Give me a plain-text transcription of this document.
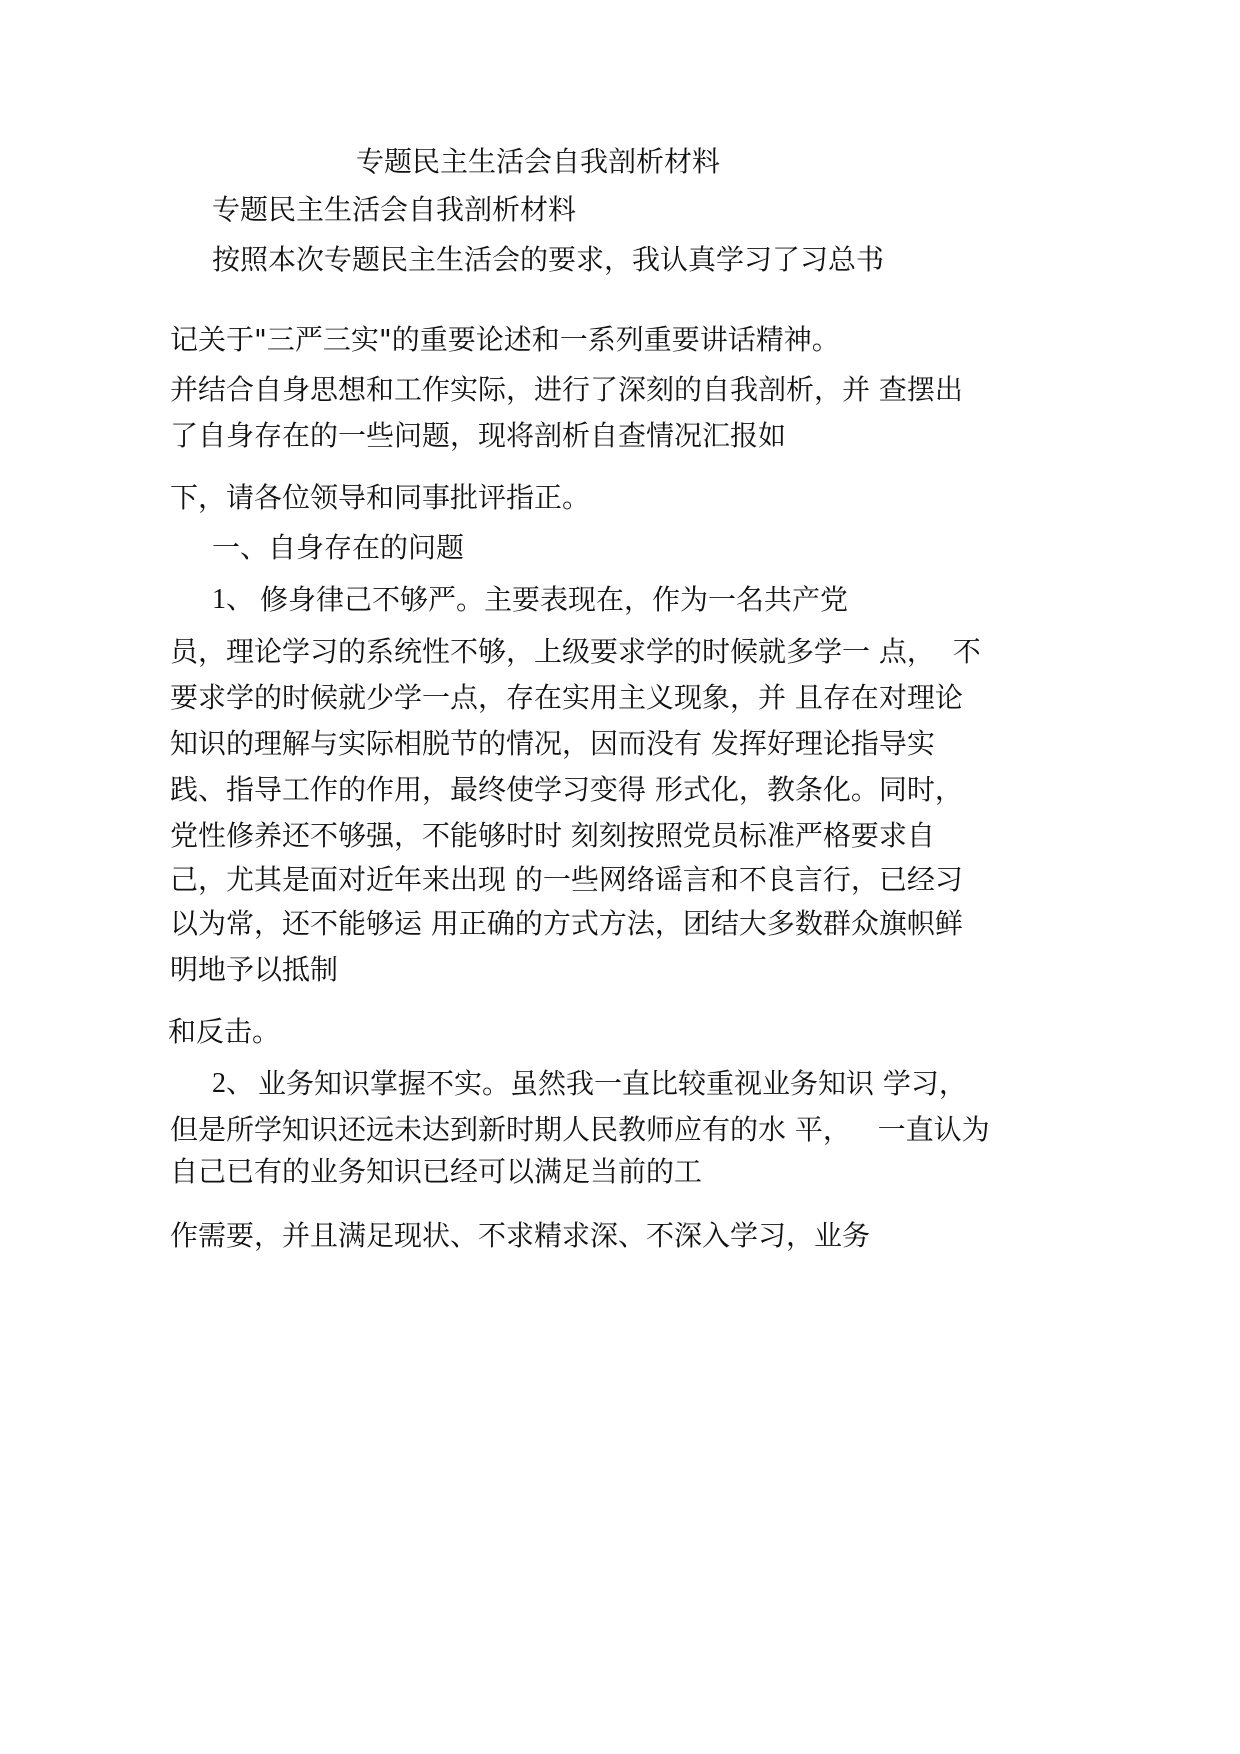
专题民主生活会自我剖析材料
专题民主生活会自我剖析材料
按照本次专题民主生活会的要求，我认真学习了习总书
记关于"三严三实"的重要论述和一系列重要讲话精神。
并结合自身思想和工作实际，进行了深刻的自我剖析，并 查摆出
了自身存在的一些问题，现将剖析自查情况汇报如
下，请各位领导和同事批评指正。
一、自身存在的问题
1、 修身律己不够严。主要表现在，作为一名共产党
员，理论学习的系统性不够，上级要求学的时候就多学一 点，  不
要求学的时候就少学一点，存在实用主义现象，并 且存在对理论
知识的理解与实际相脱节的情况，因而没有 发挥好理论指导实
践、指导工作的作用，最终使学习变得 形式化，教条化。同时，
党性修养还不够强，不能够时时 刻刻按照党员标准严格要求自
己，尤其是面对近年来出现 的一些网络谣言和不良言行，已经习
以为常，还不能够运 用正确的方式方法，团结大多数群众旗帜鲜
明地予以抵制
和反击。
2、 业务知识掌握不实。虽然我一直比较重视业务知识 学习，
但是所学知识还远未达到新时期人民教师应有的水 平，   一直认为
自己已有的业务知识已经可以满足当前的工
作需要，并且满足现状、不求精求深、不深入学习，业务
